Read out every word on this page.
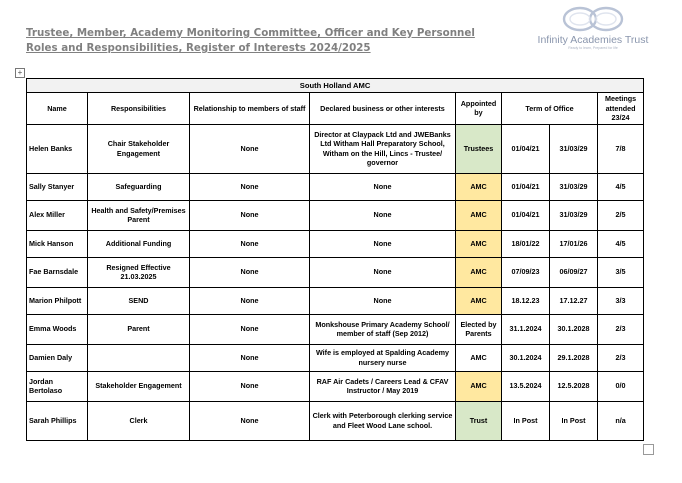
Trustee, Member, Academy Monitoring Committee, Officer and Key Personnel
Roles and Responsibilities, Register of Interests 2024/2025
Infinity Academies Trust
Ready to learn, Prepared for life
+
South Holland AMC							
Name	Responsibilities	Relationship to members of staff	Declared business or other interests	Appointed by	Term of Office		Meetings attended 23/24
Helen Banks	Chair Stakeholder Engagement	None	Director at Claypack Ltd and JWEBanks Ltd Witham Hall Preparatory School, Witham on the Hill, Lincs - Trustee/ governor	Trustees	01/04/21	31/03/29	7/8
Sally Stanyer	Safeguarding	None	None	AMC	01/04/21	31/03/29	4/5
Alex Miller	Health and Safety/Premises Parent	None	None	AMC	01/04/21	31/03/29	2/5
Mick Hanson	Additional Funding	None	None	AMC	18/01/22	17/01/26	4/5
Fae Barnsdale	Resigned Effective 21.03.2025	None	None	AMC	07/09/23	06/09/27	3/5
Marion Philpott	SEND	None	None	AMC	18.12.23	17.12.27	3/3
Emma Woods	Parent	None	Monkshouse Primary Academy School/ member of staff (Sep 2012)	Elected by Parents	31.1.2024	30.1.2028	2/3
Damien Daly		None	Wife is employed at Spalding Academy nursery nurse	AMC	30.1.2024	29.1.2028	2/3
Jordan Bertolaso	Stakeholder Engagement	None	RAF Air Cadets / Careers Lead & CFAV Instructor / May 2019	AMC	13.5.2024	12.5.2028	0/0
Sarah Phillips	Clerk	None	Clerk with Peterborough clerking service and Fleet Wood Lane school.	Trust	In Post	In Post	n/a
